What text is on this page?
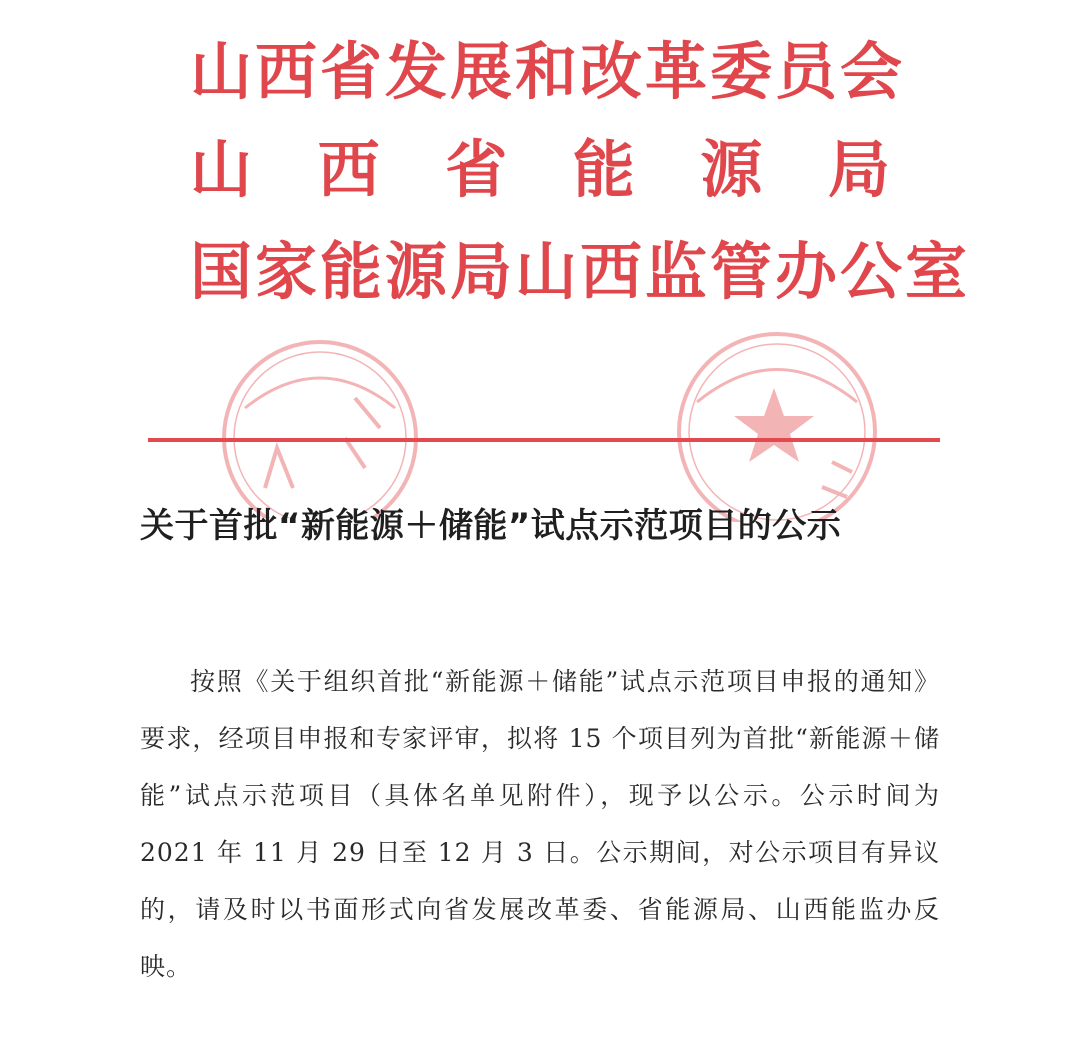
山西省发展和改革委员会
山 西 省 能 源 局
国家能源局山西监管办公室
关于首批“新能源＋储能”试点示范项目的公示

按照《关于组织首批“新能源＋储能”试点示范项目申报的通知》要求，经项目申报和专家评审，拟将 15 个项目列为首批“新能源＋储能”试点示范项目（具体名单见附件），现予以公示。公示时间为 2021 年 11 月 29 日至 12 月 3 日。公示期间，对公示项目有异议的，请及时以书面形式向省发展改革委、省能源局、山西能监办反映。
